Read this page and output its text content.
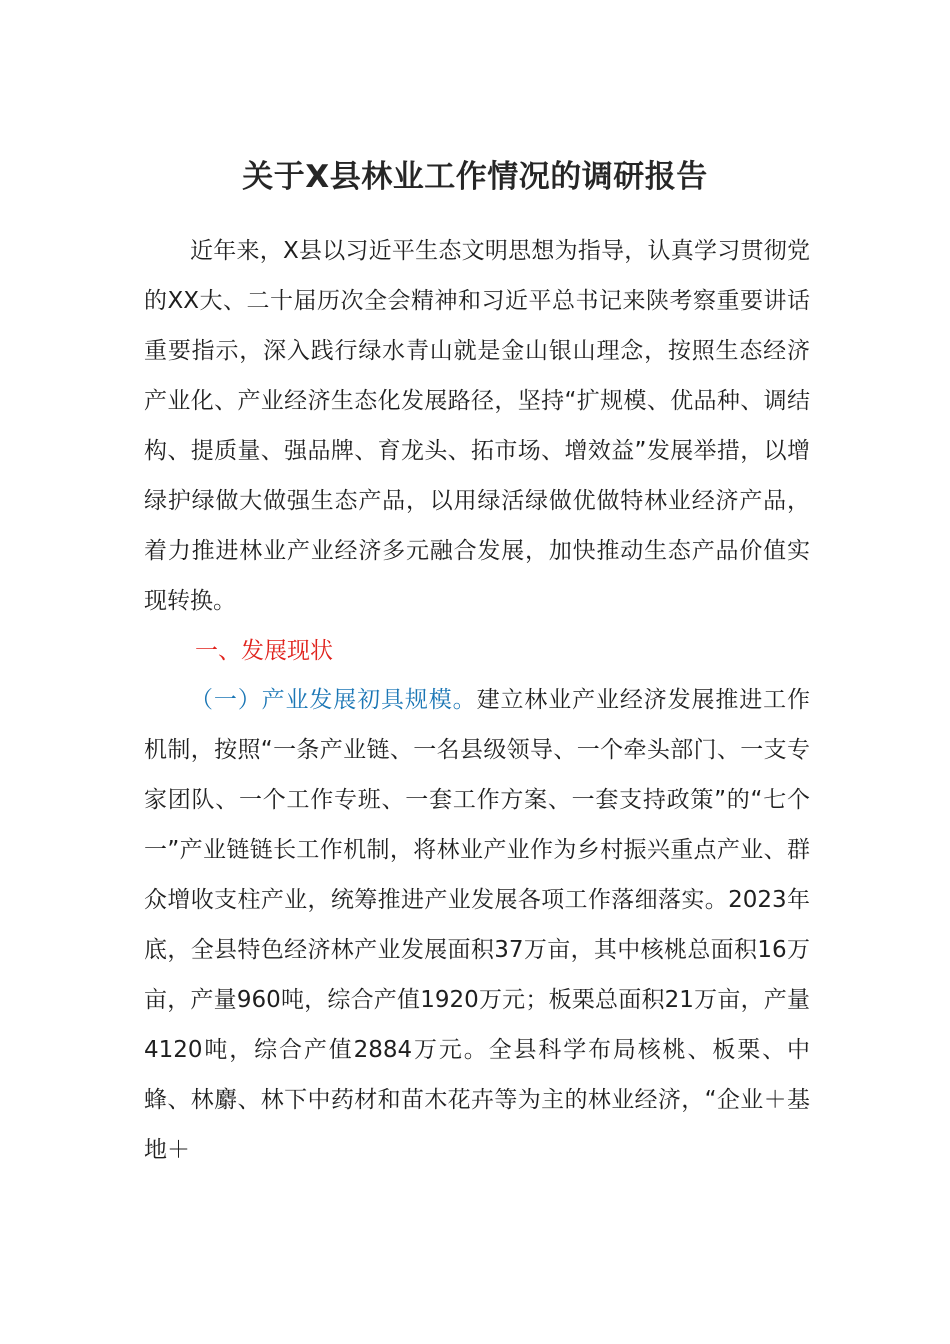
关于X县林业工作情况的调研报告
近年来，X县以习近平生态文明思想为指导，认真学习贯彻党的XX大、二十届历次全会精神和习近平总书记来陕考察重要讲话重要指示，深入践行绿水青山就是金山银山理念，按照生态经济产业化、产业经济生态化发展路径，坚持“扩规模、优品种、调结构、提质量、强品牌、育龙头、拓市场、增效益”发展举措，以增绿护绿做大做强生态产品，以用绿活绿做优做特林业经济产品，着力推进林业产业经济多元融合发展，加快推动生态产品价值实现转换。
一、发展现状
（一）产业发展初具规模。建立林业产业经济发展推进工作机制，按照“一条产业链、一名县级领导、一个牵头部门、一支专家团队、一个工作专班、一套工作方案、一套支持政策”的“七个一”产业链链长工作机制，将林业产业作为乡村振兴重点产业、群众增收支柱产业，统筹推进产业发展各项工作落细落实。2023年底，全县特色经济林产业发展面积37万亩，其中核桃总面积16万亩，产量960吨，综合产值1920万元；板栗总面积21万亩，产量4120吨，综合产值2884万元。全县科学布局核桃、板栗、中蜂、林麝、林下中药材和苗木花卉等为主的林业经济，“企业＋基地＋
